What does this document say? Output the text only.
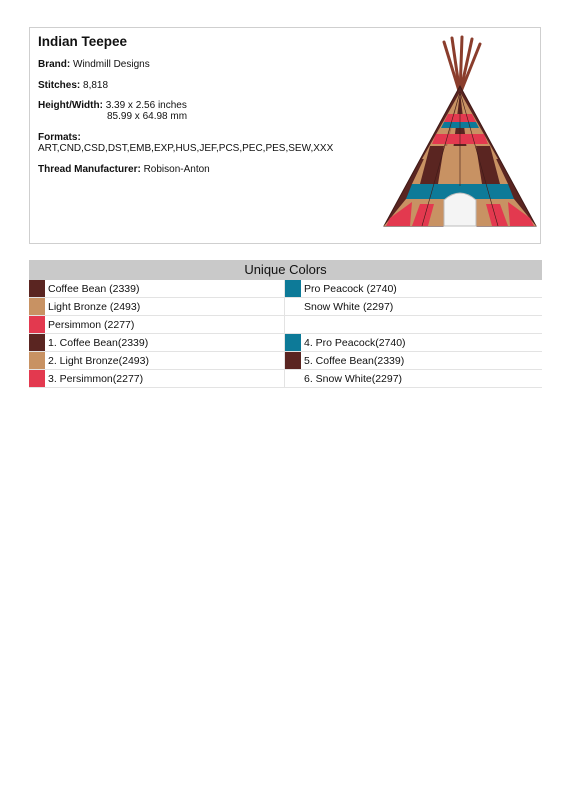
Indian Teepee
Brand: Windmill Designs
Stitches: 8,818
Height/Width: 3.39 x 2.56 inches
85.99 x 64.98 mm
Formats:
ART,CND,CSD,DST,EMB,EXP,HUS,JEF,PCS,PEC,PES,SEW,XXX
Thread Manufacturer: Robison-Anton
Unique Colors
Coffee Bean (2339)	Pro Peacock (2740)
Light Bronze (2493)	Snow White (2297)
Persimmon (2277)
1. Coffee Bean(2339)	4. Pro Peacock(2740)
2. Light Bronze(2493)	5. Coffee Bean(2339)
3. Persimmon(2277)	6. Snow White(2297)
